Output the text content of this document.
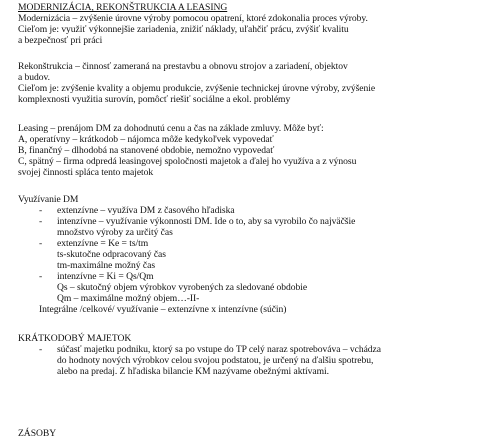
MODERNIZÁCIA, REKONŠTRUKCIA A LEASING
Modernizácia – zvýšenie úrovne výroby pomocou opatrení, ktoré zdokonalia proces výroby.
Cieľom je: využiť výkonnejšie zariadenia, znižiť náklady, uľahčiť prácu, zvýšiť kvalitu
a bezpečnosť pri práci
Rekonštrukcia – činnosť zameraná na prestavbu a obnovu strojov a zariadení, objektov
a budov.
Cieľom je: zvýšenie kvality a objemu produkcie, zvýšenie technickej úrovne výroby, zvýšenie
komplexnosti využitia surovín, pomôcť riešiť sociálne a ekol. problémy
Leasing – prenájom DM za dohodnutú cenu a čas na základe zmluvy. Môže byť:
A, operatívny – krátkodob – nájomca môže kedykoľvek vypovedať
B, finančný – dlhodobá na stanovené obdobie, nemožno vypovedať
C, spätný – firma odpredá leasingovej spoločnosti majetok a ďalej ho využíva a z výnosu
svojej činnosti spláca tento majetok
Využívanie DM
- extenzívne – využíva DM z časového hľadiska
- intenzívne – využívanie výkonnosti DM. Ide o to, aby sa vyrobilo čo najväčšie
množstvo výroby za určitý čas
- extenzívne = Ke = ts/tm
ts-skutočne odpracovaný čas
tm-maximálne možný čas
- intenzívne = Ki = Qs/Qm
Qs – skutočný objem výrobkov vyrobených za sledované obdobie
Qm – maximálne možný objem…-II-
Integrálne /celkové/ využívanie – extenzívne x intenzívne (súčin)
KRÁTKODOBÝ MAJETOK
- súčasť majetku podniku, ktorý sa po vstupe do TP celý naraz spotrebováva – vchádza
do hodnoty nových výrobkov celou svojou podstatou, je určený na ďalšiu spotrebu,
alebo na predaj. Z hľadiska bilancie KM nazývame obežnými aktívami.
ZÁSOBY
